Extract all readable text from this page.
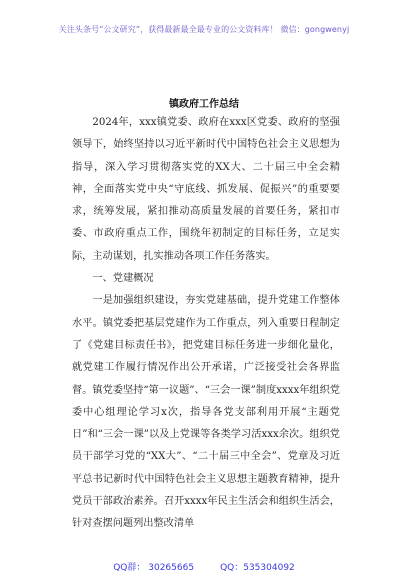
关注头条号“公文研究”，获得最新最全最专业的公文资料库！ 微信：gongwenyj
镇政府工作总结

2024年，xxx镇党委、政府在xxx区党委、政府的坚强领导下，始终坚持以习近平新时代中国特色社会主义思想为指导，深入学习贯彻落实党的XX大、二十届三中全会精神，全面落实党中央“守底线、抓发展、促振兴”的重要要求，统筹发展，紧扣推动高质量发展的首要任务，紧扣市委、市政府重点工作，围绕年初制定的目标任务，立足实际，主动谋划，扎实推动各项工作任务落实。

一、党建概况

一是加强组织建设，夯实党建基础，提升党建工作整体水平。镇党委把基层党建作为工作重点，列入重要日程制定了《党建目标责任书》，把党建目标任务进一步细化量化，就党建工作履行情况作出公开承诺，广泛接受社会各界监督。镇党委坚持“第一议题”、“三会一课”制度xxxx年组织党委中心组理论学习x次，指导各党支部利用开展“主题党日”和“三会一课”以及上党课等各类学习活xxx余次。组织党员干部学习党的“XX大”、“二十届三中全会”、党章及习近平总书记新时代中国特色社会主义思想主题教育精神，提升党员干部政治素养。召开xxxx年民主生活会和组织生活会，针对查摆问题列出整改清单

QQ群： 30265665	QQ：535304092
